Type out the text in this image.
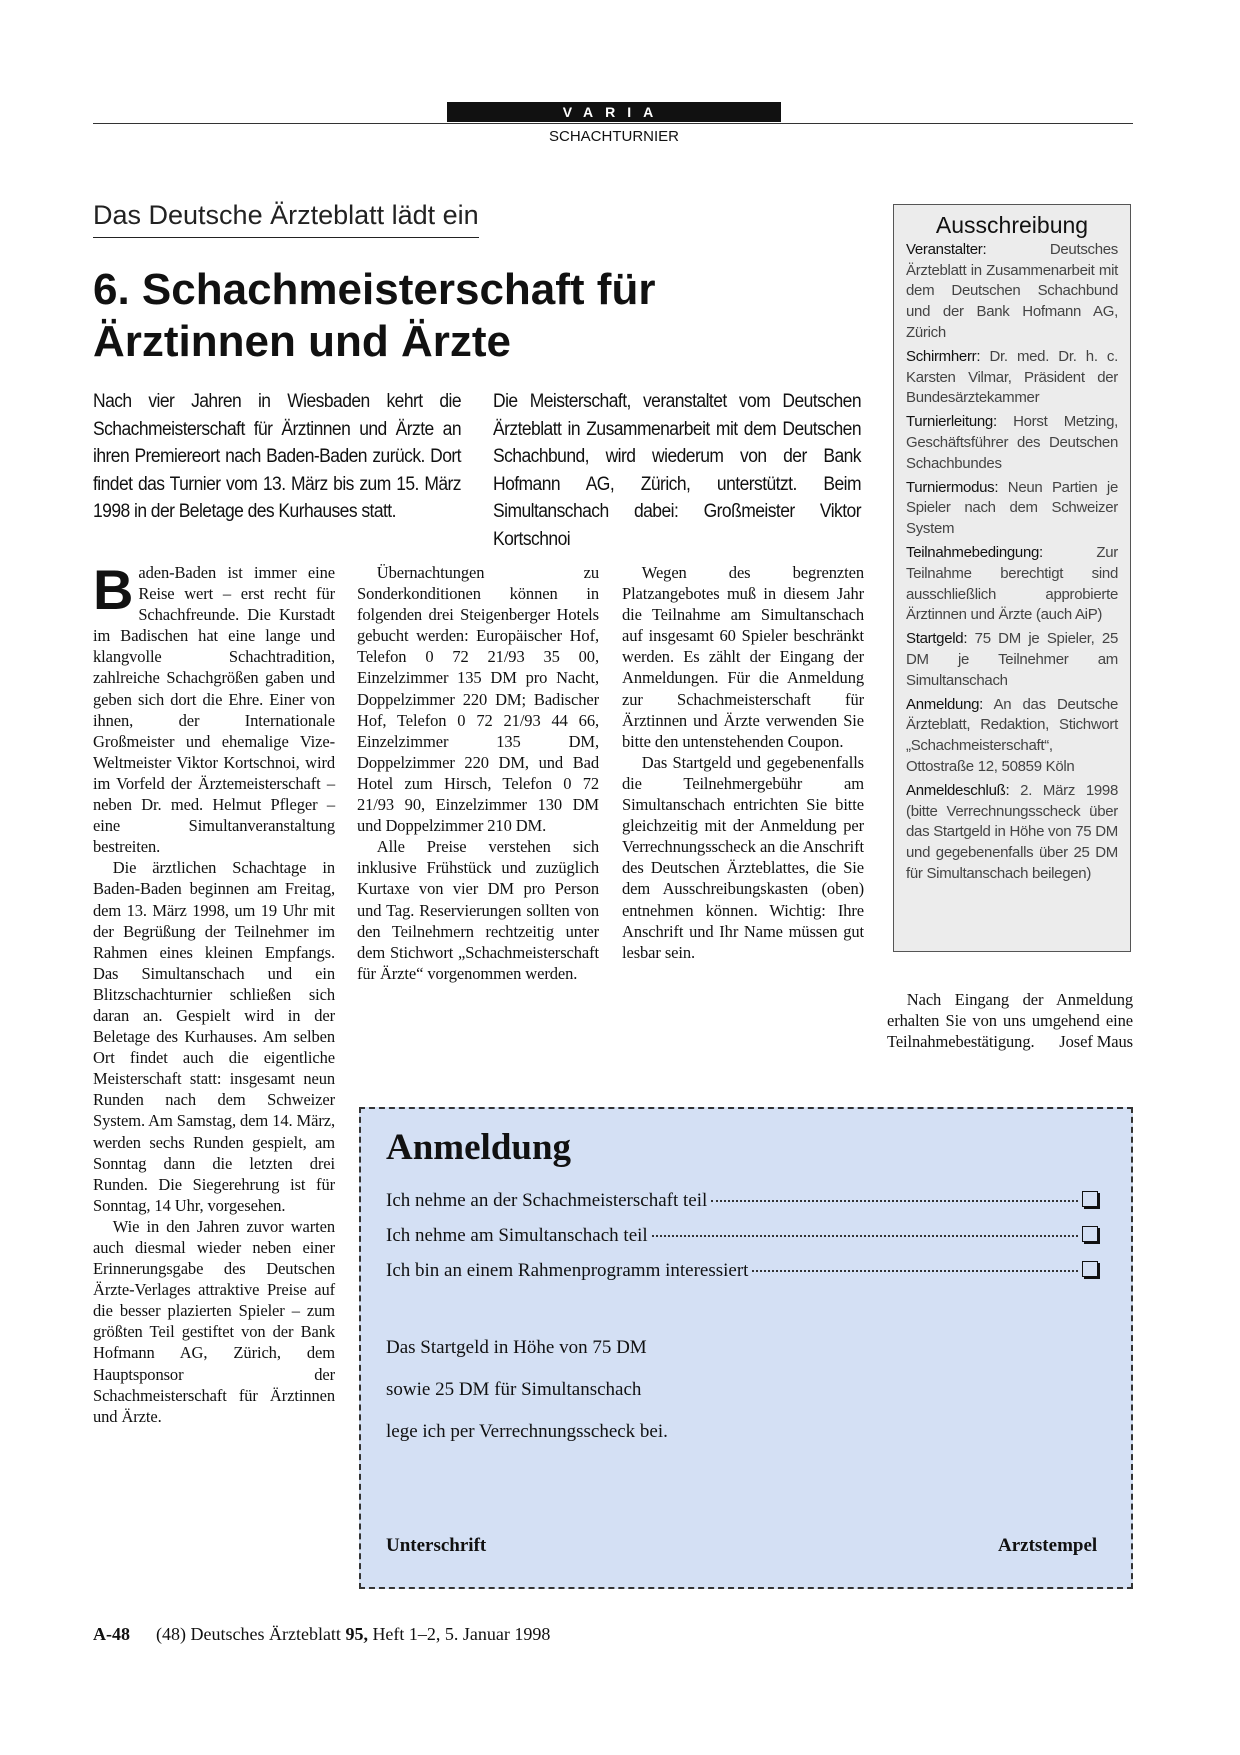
VARIA
SCHACHTURNIER
Das Deutsche Ärzteblatt lädt ein
6. Schachmeisterschaft für
Ärztinnen und Ärzte
Nach vier Jahren in Wiesbaden kehrt die Schachmeisterschaft für Ärztinnen und Ärzte an ihren Premiereort nach Baden-Baden zurück. Dort findet das Turnier vom 13. März bis zum 15. März 1998 in der Beletage des Kurhauses statt.
Die Meisterschaft, veranstaltet vom Deutschen Ärzteblatt in Zusammenarbeit mit dem Deutschen Schachbund, wird wiederum von der Bank Hofmann AG, Zürich, unterstützt. Beim Simultanschach dabei: Großmeister Viktor Kortschnoi

Baden-Baden ist immer eine Reise wert – erst recht für Schachfreunde. Die Kurstadt im Badischen hat eine lange und klangvolle Schachtradition, zahlreiche Schachgrößen gaben und geben sich dort die Ehre. Einer von ihnen, der Internationale Großmeister und ehemalige Vize-Weltmeister Viktor Kortschnoi, wird im Vorfeld der Ärztemeisterschaft – neben Dr. med. Helmut Pfleger – eine Simultanveranstaltung bestreiten.

Die ärztlichen Schachtage in Baden-Baden beginnen am Freitag, dem 13. März 1998, um 19 Uhr mit der Begrüßung der Teilnehmer im Rahmen eines kleinen Empfangs. Das Simultanschach und ein Blitzschachturnier schließen sich daran an. Gespielt wird in der Beletage des Kurhauses. Am selben Ort findet auch die eigentliche Meisterschaft statt: insgesamt neun Runden nach dem Schweizer System. Am Samstag, dem 14. März, werden sechs Runden gespielt, am Sonntag dann die letzten drei Runden. Die Siegerehrung ist für Sonntag, 14 Uhr, vorgesehen.

Wie in den Jahren zuvor warten auch diesmal wieder neben einer Erinnerungsgabe des Deutschen Ärzte-Verlages attraktive Preise auf die besser plazierten Spieler – zum größten Teil gestiftet von der Bank Hofmann AG, Zürich, dem Hauptsponsor der Schachmeisterschaft für Ärztinnen und Ärzte.

Übernachtungen zu Sonderkonditionen können in folgenden drei Steigenberger Hotels gebucht werden: Europäischer Hof, Telefon 0 72 21/93 35 00, Einzelzimmer 135 DM pro Nacht, Doppelzimmer 220 DM; Badischer Hof, Telefon 0 72 21/93 44 66, Einzelzimmer 135 DM, Doppelzimmer 220 DM, und Bad Hotel zum Hirsch, Telefon 0 72 21/93 90, Einzelzimmer 130 DM und Doppelzimmer 210 DM.

Alle Preise verstehen sich inklusive Frühstück und zuzüglich Kurtaxe von vier DM pro Person und Tag. Reservierungen sollten von den Teilnehmern rechtzeitig unter dem Stichwort „Schachmeisterschaft für Ärzte“ vorgenommen werden.

Wegen des begrenzten Platzangebotes muß in diesem Jahr die Teilnahme am Simultanschach auf insgesamt 60 Spieler beschränkt werden. Es zählt der Eingang der Anmeldungen. Für die Anmeldung zur Schachmeisterschaft für Ärztinnen und Ärzte verwenden Sie bitte den untenstehenden Coupon.

Das Startgeld und gegebenenfalls die Teilnehmergebühr am Simultanschach entrichten Sie bitte gleichzeitig mit der Anmeldung per Verrechnungsscheck an die Anschrift des Deutschen Ärzteblattes, die Sie dem Ausschreibungskasten (oben) entnehmen können. Wichtig: Ihre Anschrift und Ihr Name müssen gut lesbar sein.

Nach Eingang der Anmeldung erhalten Sie von uns umgehend eine Teilnahmebestätigung.	Josef Maus

Ausschreibung
Veranstalter:	Deutsches Ärzteblatt in Zusammenarbeit mit dem Deutschen Schachbund und der Bank Hofmann AG, Zürich
Schirmherr: Dr. med. Dr. h. c. Karsten Vilmar, Präsident der Bundesärztekammer
Turnierleitung: Horst Metzing, Geschäftsführer des Deutschen Schachbundes
Turniermodus: Neun Partien je Spieler nach dem Schweizer System
Teilnahmebedingung:	Zur Teilnahme berechtigt sind ausschließlich approbierte Ärztinnen und Ärzte (auch AiP)
Startgeld: 75 DM je Spieler, 25 DM je Teilnehmer am Simultanschach
Anmeldung: An das Deutsche Ärzteblatt, Redaktion, Stichwort „Schachmeisterschaft“, Ottostraße 12, 50859 Köln
Anmeldeschluß: 2. März 1998 (bitte Verrechnungsscheck über das Startgeld in Höhe von 75 DM und gegebenenfalls über 25 DM für Simultanschach beilegen)
Anmeldung
Ich nehme an der Schachmeisterschaft teil
Ich nehme am Simultanschach teil
Ich bin an einem Rahmenprogramm interessiert
Das Startgeld in Höhe von 75 DM
sowie 25 DM für Simultanschach
lege ich per Verrechnungsscheck bei.
Unterschrift	Arztstempel
A-48 (48) Deutsches Ärzteblatt 95, Heft 1–2, 5. Januar 1998
